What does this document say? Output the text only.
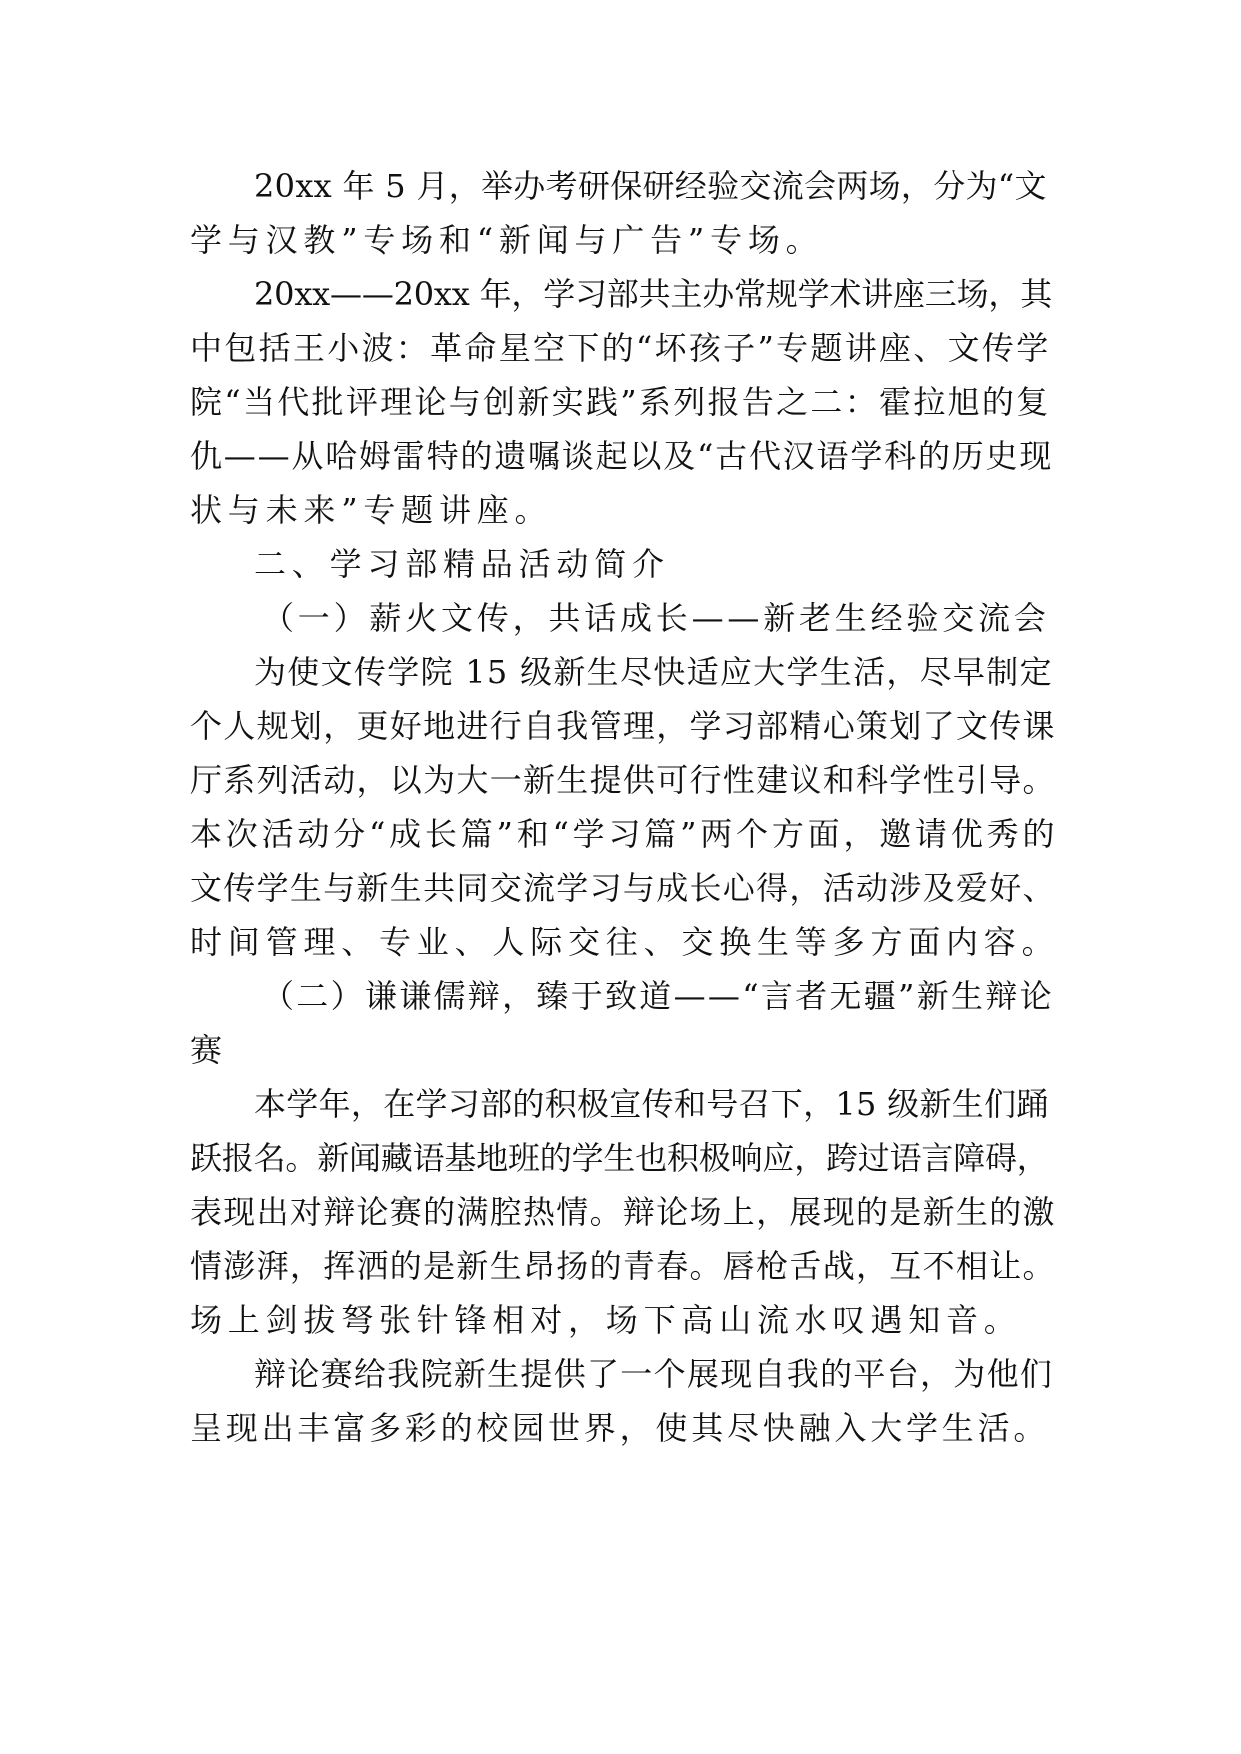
20xx 年 5 月，举办考研保研经验交流会两场，分为“文
学与汉教”专场和“新闻与广告”专场。
20xx——20xx 年，学习部共主办常规学术讲座三场，其
中包括王小波：革命星空下的“坏孩子”专题讲座、文传学
院“当代批评理论与创新实践”系列报告之二：霍拉旭的复
仇——从哈姆雷特的遗嘱谈起以及“古代汉语学科的历史现
状与未来”专题讲座。
二、学习部精品活动简介
（一）薪火文传，共话成长——新老生经验交流会
为使文传学院 15 级新生尽快适应大学生活，尽早制定
个人规划，更好地进行自我管理，学习部精心策划了文传课
厅系列活动，以为大一新生提供可行性建议和科学性引导。
本次活动分“成长篇”和“学习篇”两个方面，邀请优秀的
文传学生与新生共同交流学习与成长心得，活动涉及爱好、
时间管理、专业、人际交往、交换生等多方面内容。
（二）谦谦儒辩，臻于致道——“言者无疆”新生辩论
赛
本学年，在学习部的积极宣传和号召下，15 级新生们踊
跃报名。新闻藏语基地班的学生也积极响应，跨过语言障碍，
表现出对辩论赛的满腔热情。辩论场上，展现的是新生的激
情澎湃，挥洒的是新生昂扬的青春。唇枪舌战，互不相让。
场上剑拔弩张针锋相对，场下高山流水叹遇知音。
辩论赛给我院新生提供了一个展现自我的平台，为他们
呈现出丰富多彩的校园世界，使其尽快融入大学生活。
